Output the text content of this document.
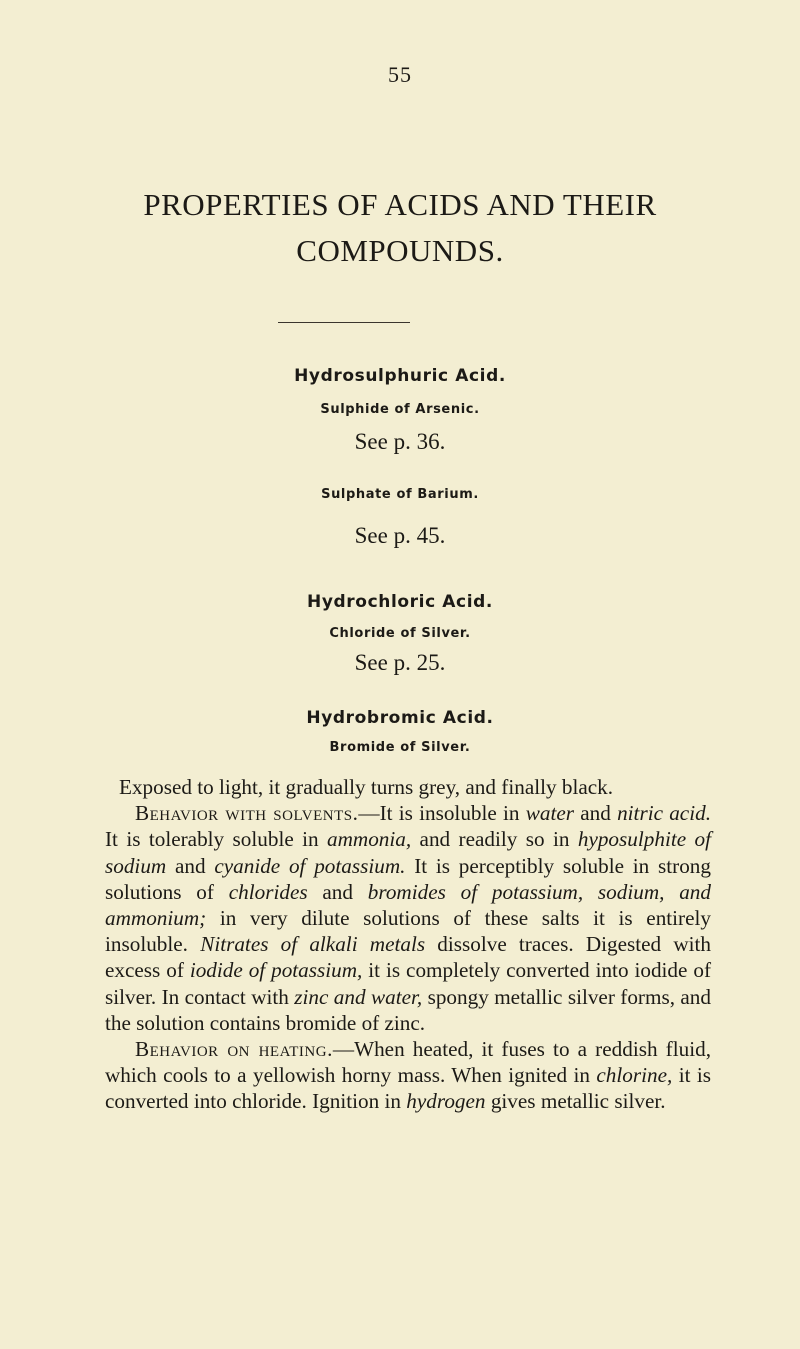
55
PROPERTIES OF ACIDS AND THEIR
COMPOUNDS.
Hydrosulphuric Acid.
Sulphide of Arsenic.
See p. 36.
Sulphate of Barium.
See p. 45.
Hydrochloric Acid.
Chloride of Silver.
See p. 25.
Hydrobromic Acid.
Bromide of Silver.

Exposed to light, it gradually turns grey, and finally black.

Behavior with solvents.—It is insoluble in water and nitric acid. It is tolerably soluble in ammonia, and readily so in hyposulphite of sodium and cyanide of potassium. It is perceptibly soluble in strong solutions of chlorides and bromides of potassium, sodium, and ammonium; in very dilute solutions of these salts it is entirely insoluble. Nitrates of alkali metals dissolve traces. Digested with excess of iodide of potassium, it is completely converted into iodide of silver. In contact with zinc and water, spongy metallic silver forms, and the solution contains bromide of zinc.

Behavior on heating.—When heated, it fuses to a reddish fluid, which cools to a yellowish horny mass. When ignited in chlorine, it is converted into chloride. Ignition in hydrogen gives metallic silver.
